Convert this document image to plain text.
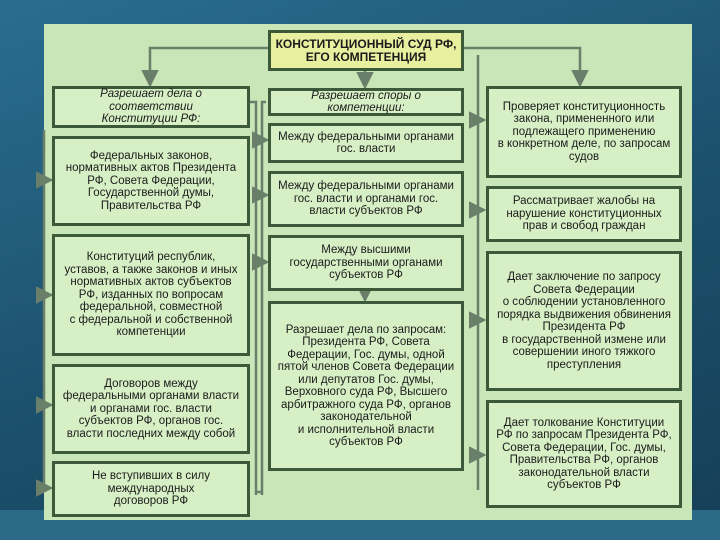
КОНСТИТУЦИОННЫЙ СУД РФ,
ЕГО КОМПЕТЕНЦИЯ
Разрешает дела о соответствии
Конституции РФ:
Федеральных законов,
нормативных актов Президента
РФ, Совета Федерации,
Государственной думы,
Правительства РФ
Конституций республик,
уставов, а также законов и иных
нормативных актов субъектов
РФ, изданных по вопросам
федеральной, совместной
с федеральной и собственной
компетенции
Договоров между
федеральными органами власти
и органами гос. власти
субъектов РФ, органов гос.
власти последних между собой
Не вступивших в силу
международных
договоров РФ
Разрешает споры о компетенции:
Между федеральными органами
гос. власти
Между федеральными органами
гос. власти и органами гос.
власти субъектов РФ
Между высшими
государственными органами
субъектов РФ
Разрешает дела по запросам:
Президента РФ, Совета
Федерации, Гос. думы, одной
пятой членов Совета Федерации
или депутатов Гос. думы,
Верховного суда РФ, Высшего
арбитражного суда РФ, органов
законодательной
и исполнительной власти
субъектов РФ
Проверяет конституционность
закона, примененного или
подлежащего применению
в конкретном деле, по запросам
судов
Рассматривает жалобы на
нарушение конституционных
прав и свобод граждан
Дает заключение по запросу
Совета Федерации
о соблюдении установленного
порядка выдвижения обвинения
Президента РФ
в государственной измене или
совершении иного тяжкого
преступления
Дает толкование Конституции
РФ по запросам Президента РФ,
Совета Федерации, Гос. думы,
Правительства РФ, органов
законодательной власти
субъектов РФ
